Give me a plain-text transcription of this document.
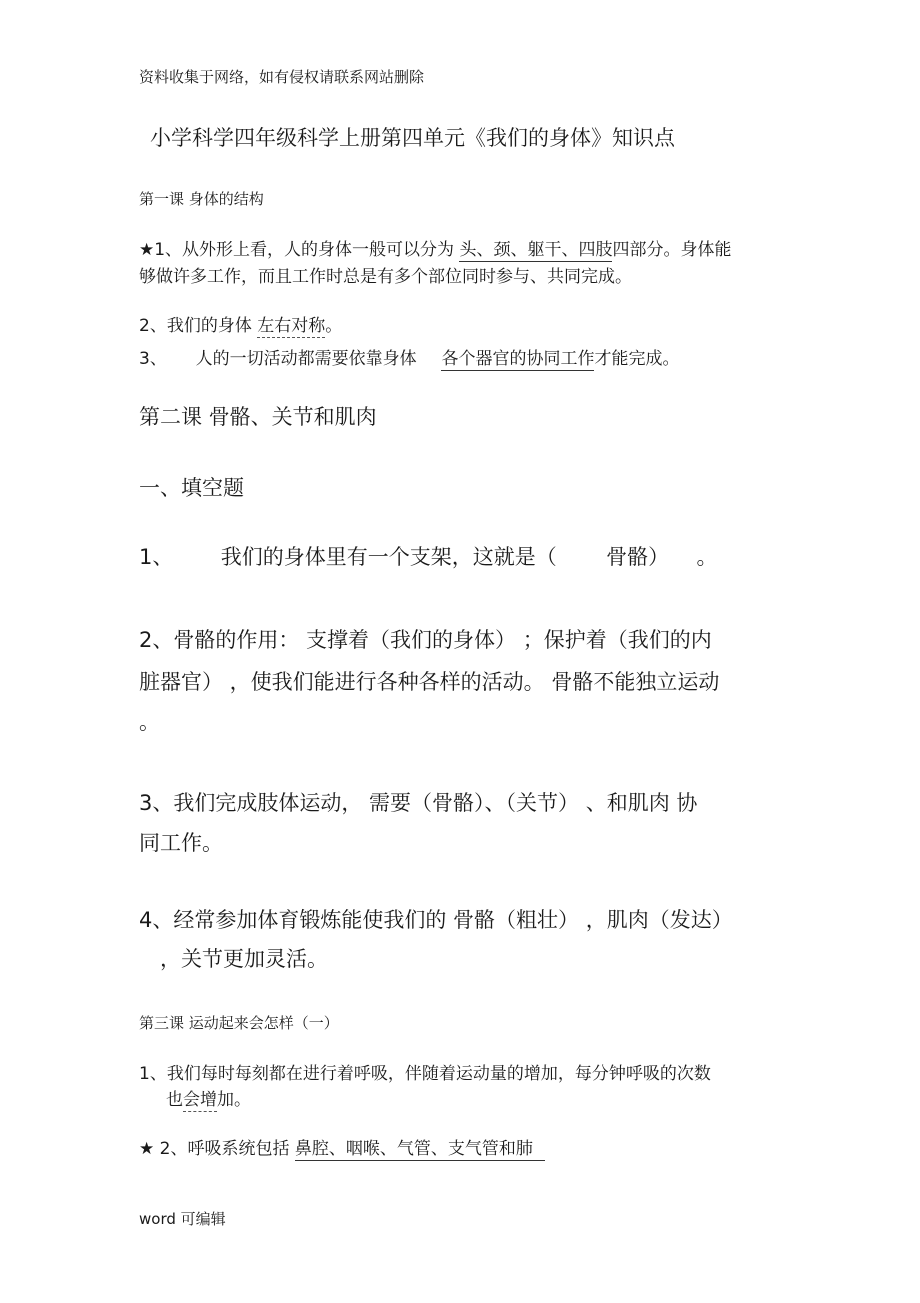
资料收集于网络，如有侵权请联系网站删除
小学科学四年级科学上册第四单元《我们的身体》知识点
第一课 身体的结构
★1、从外形上看，人的身体一般可以分为 头、颈、躯干、四肢四部分。身体能
够做许多工作，而且工作时总是有多个部位同时参与、共同完成。
2、我们的身体 左右对称。
3、 人的一切活动都需要依靠身体 各个器官的协同工作才能完成。
第二课 骨骼、关节和肌肉
一、填空题
1、 我们的身体里有一个支架，这就是（ 骨骼） 。
2、骨骼的作用： 支撑着（我们的身体） ；保护着（我们的内
脏器官） ，使我们能进行各种各样的活动。 骨骼不能独立运动
。
3、我们完成肢体运动， 需要（骨骼）、（关节） 、和肌肉 协
同工作。
4、经常参加体育锻炼能使我们的 骨骼（粗壮） ，肌肉（发达）
，关节更加灵活。
第三课 运动起来会怎样（一）
1、我们每时每刻都在进行着呼吸，伴随着运动量的增加，每分钟呼吸的次数
也会增加。
★ 2、呼吸系统包括 鼻腔、咽喉、气管、支气管和肺
word 可编辑
